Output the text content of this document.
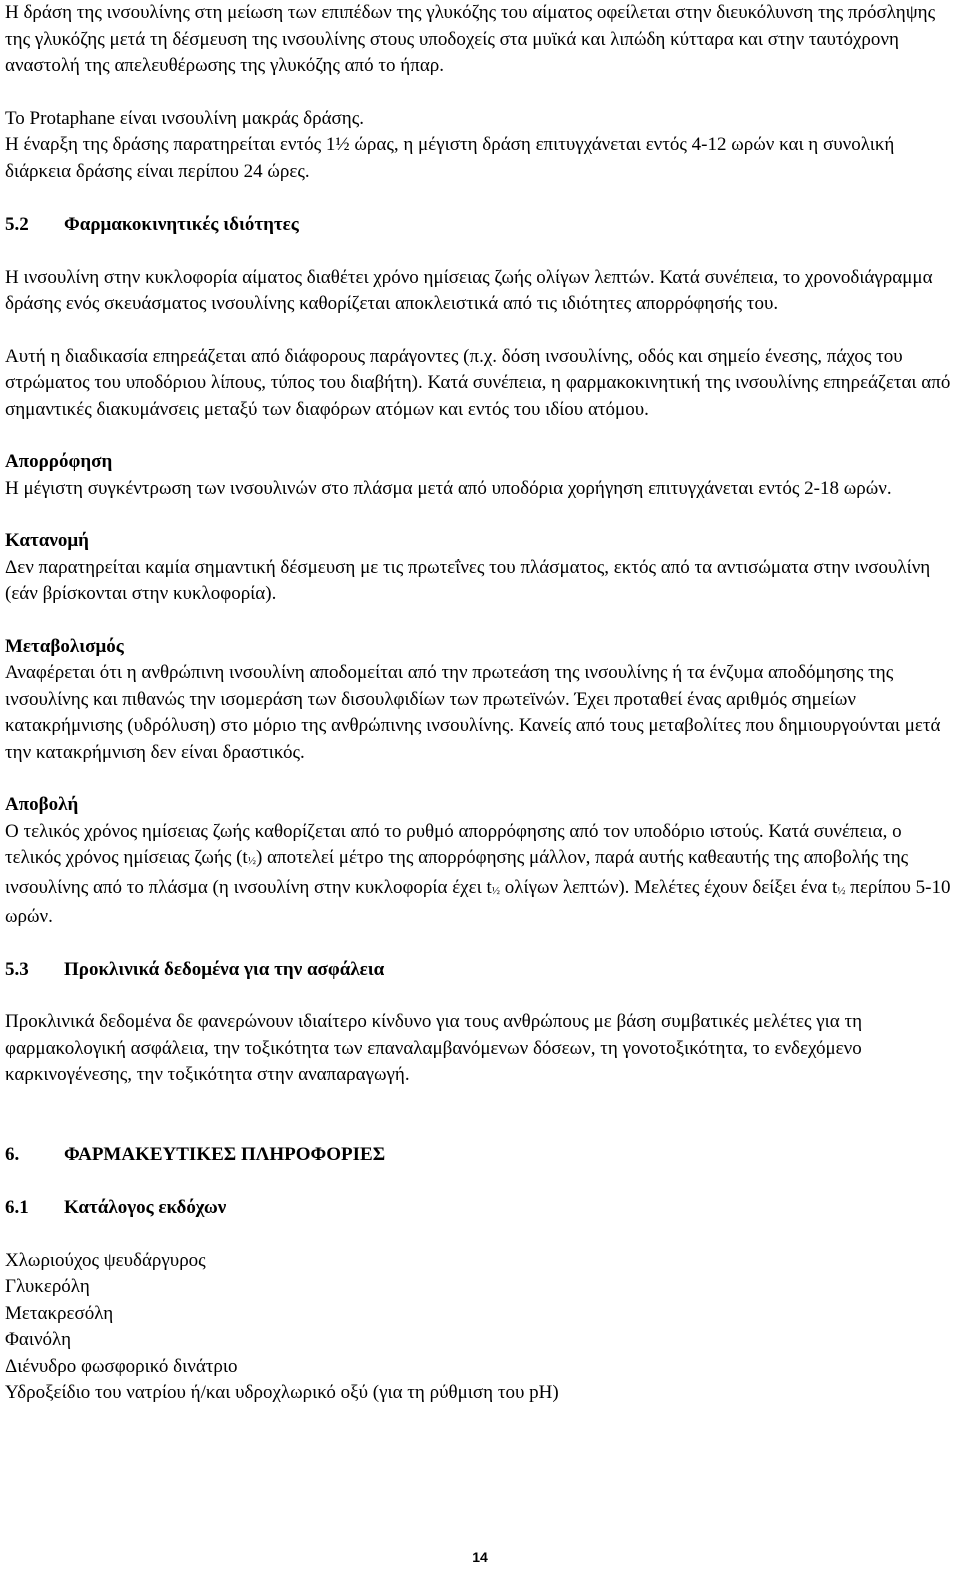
Η δράση της ινσουλίνης στη μείωση των επιπέδων της γλυκόζης του αίματος οφείλεται στην διευκόλυνση της πρόσληψης της γλυκόζης μετά τη δέσμευση της ινσουλίνης στους υποδοχείς στα μυϊκά και λιπώδη κύτταρα και στην ταυτόχρονη αναστολή της απελευθέρωσης της γλυκόζης από το ήπαρ.

Το Protaphane είναι ινσουλίνη μακράς δράσης.

Η έναρξη της δράσης παρατηρείται εντός 1½ ώρας, η μέγιστη δράση επιτυγχάνεται εντός 4-12 ωρών και η συνολική διάρκεια δράσης είναι περίπου 24 ώρες.

5.2	Φαρμακοκινητικές ιδιότητες

Η ινσουλίνη στην κυκλοφορία αίματος διαθέτει χρόνο ημίσειας ζωής ολίγων λεπτών. Κατά συνέπεια, το χρονοδιάγραμμα δράσης ενός σκευάσματος ινσουλίνης καθορίζεται αποκλειστικά από τις ιδιότητες απορρόφησής του.

Αυτή η διαδικασία επηρεάζεται από διάφορους παράγοντες (π.χ. δόση ινσουλίνης, οδός και σημείο ένεσης, πάχος του στρώματος του υποδόριου λίπους, τύπος του διαβήτη). Κατά συνέπεια, η φαρμακοκινητική της ινσουλίνης επηρεάζεται από σημαντικές διακυμάνσεις μεταξύ των διαφόρων ατόμων και εντός του ιδίου ατόμου.

Απορρόφηση

Η μέγιστη συγκέντρωση των ινσουλινών στο πλάσμα μετά από υποδόρια χορήγηση επιτυγχάνεται εντός 2-18 ωρών.

Κατανομή

Δεν παρατηρείται καμία σημαντική δέσμευση με τις πρωτεΐνες του πλάσματος, εκτός από τα αντισώματα στην ινσουλίνη (εάν βρίσκονται στην κυκλοφορία).

Μεταβολισμός

Αναφέρεται ότι η ανθρώπινη ινσουλίνη αποδομείται από την πρωτεάση της ινσουλίνης ή τα ένζυμα αποδόμησης της ινσουλίνης και πιθανώς την ισομεράση των δισουλφιδίων των πρωτεϊνών. Έχει προταθεί ένας αριθμός σημείων κατακρήμνισης (υδρόλυση) στο μόριο της ανθρώπινης ινσουλίνης. Κανείς από τους μεταβολίτες που δημιουργούνται μετά την κατακρήμνιση δεν είναι δραστικός.

Αποβολή

Ο τελικός χρόνος ημίσειας ζωής καθορίζεται από το ρυθμό απορρόφησης από τον υποδόριο ιστούς. Κατά συνέπεια, ο τελικός χρόνος ημίσειας ζωής (t½) αποτελεί μέτρο της απορρόφησης μάλλον, παρά αυτής καθεαυτής της αποβολής της ινσουλίνης από το πλάσμα (η ινσουλίνη στην κυκλοφορία έχει t½ ολίγων λεπτών). Μελέτες έχουν δείξει ένα t½ περίπου 5-10 ωρών.

5.3	Προκλινικά δεδομένα για την ασφάλεια

Προκλινικά δεδομένα δε φανερώνουν ιδιαίτερο κίνδυνο για τους ανθρώπους με βάση συμβατικές μελέτες για τη φαρμακολογική ασφάλεια, την τοξικότητα των επαναλαμβανόμενων δόσεων, τη γονοτοξικότητα, το ενδεχόμενο καρκινογένεσης, την τοξικότητα στην αναπαραγωγή.

6.	ΦΑΡΜΑΚΕΥΤΙΚΕΣ ΠΛΗΡΟΦΟΡΙΕΣ
6.1	Κατάλογος εκδόχων

Χλωριούχος ψευδάργυρος

Γλυκερόλη

Μετακρεσόλη

Φαινόλη

Διένυδρο φωσφορικό δινάτριο

Υδροξείδιο του νατρίου ή/και υδροχλωρικό οξύ (για τη ρύθμιση του pH)

14
